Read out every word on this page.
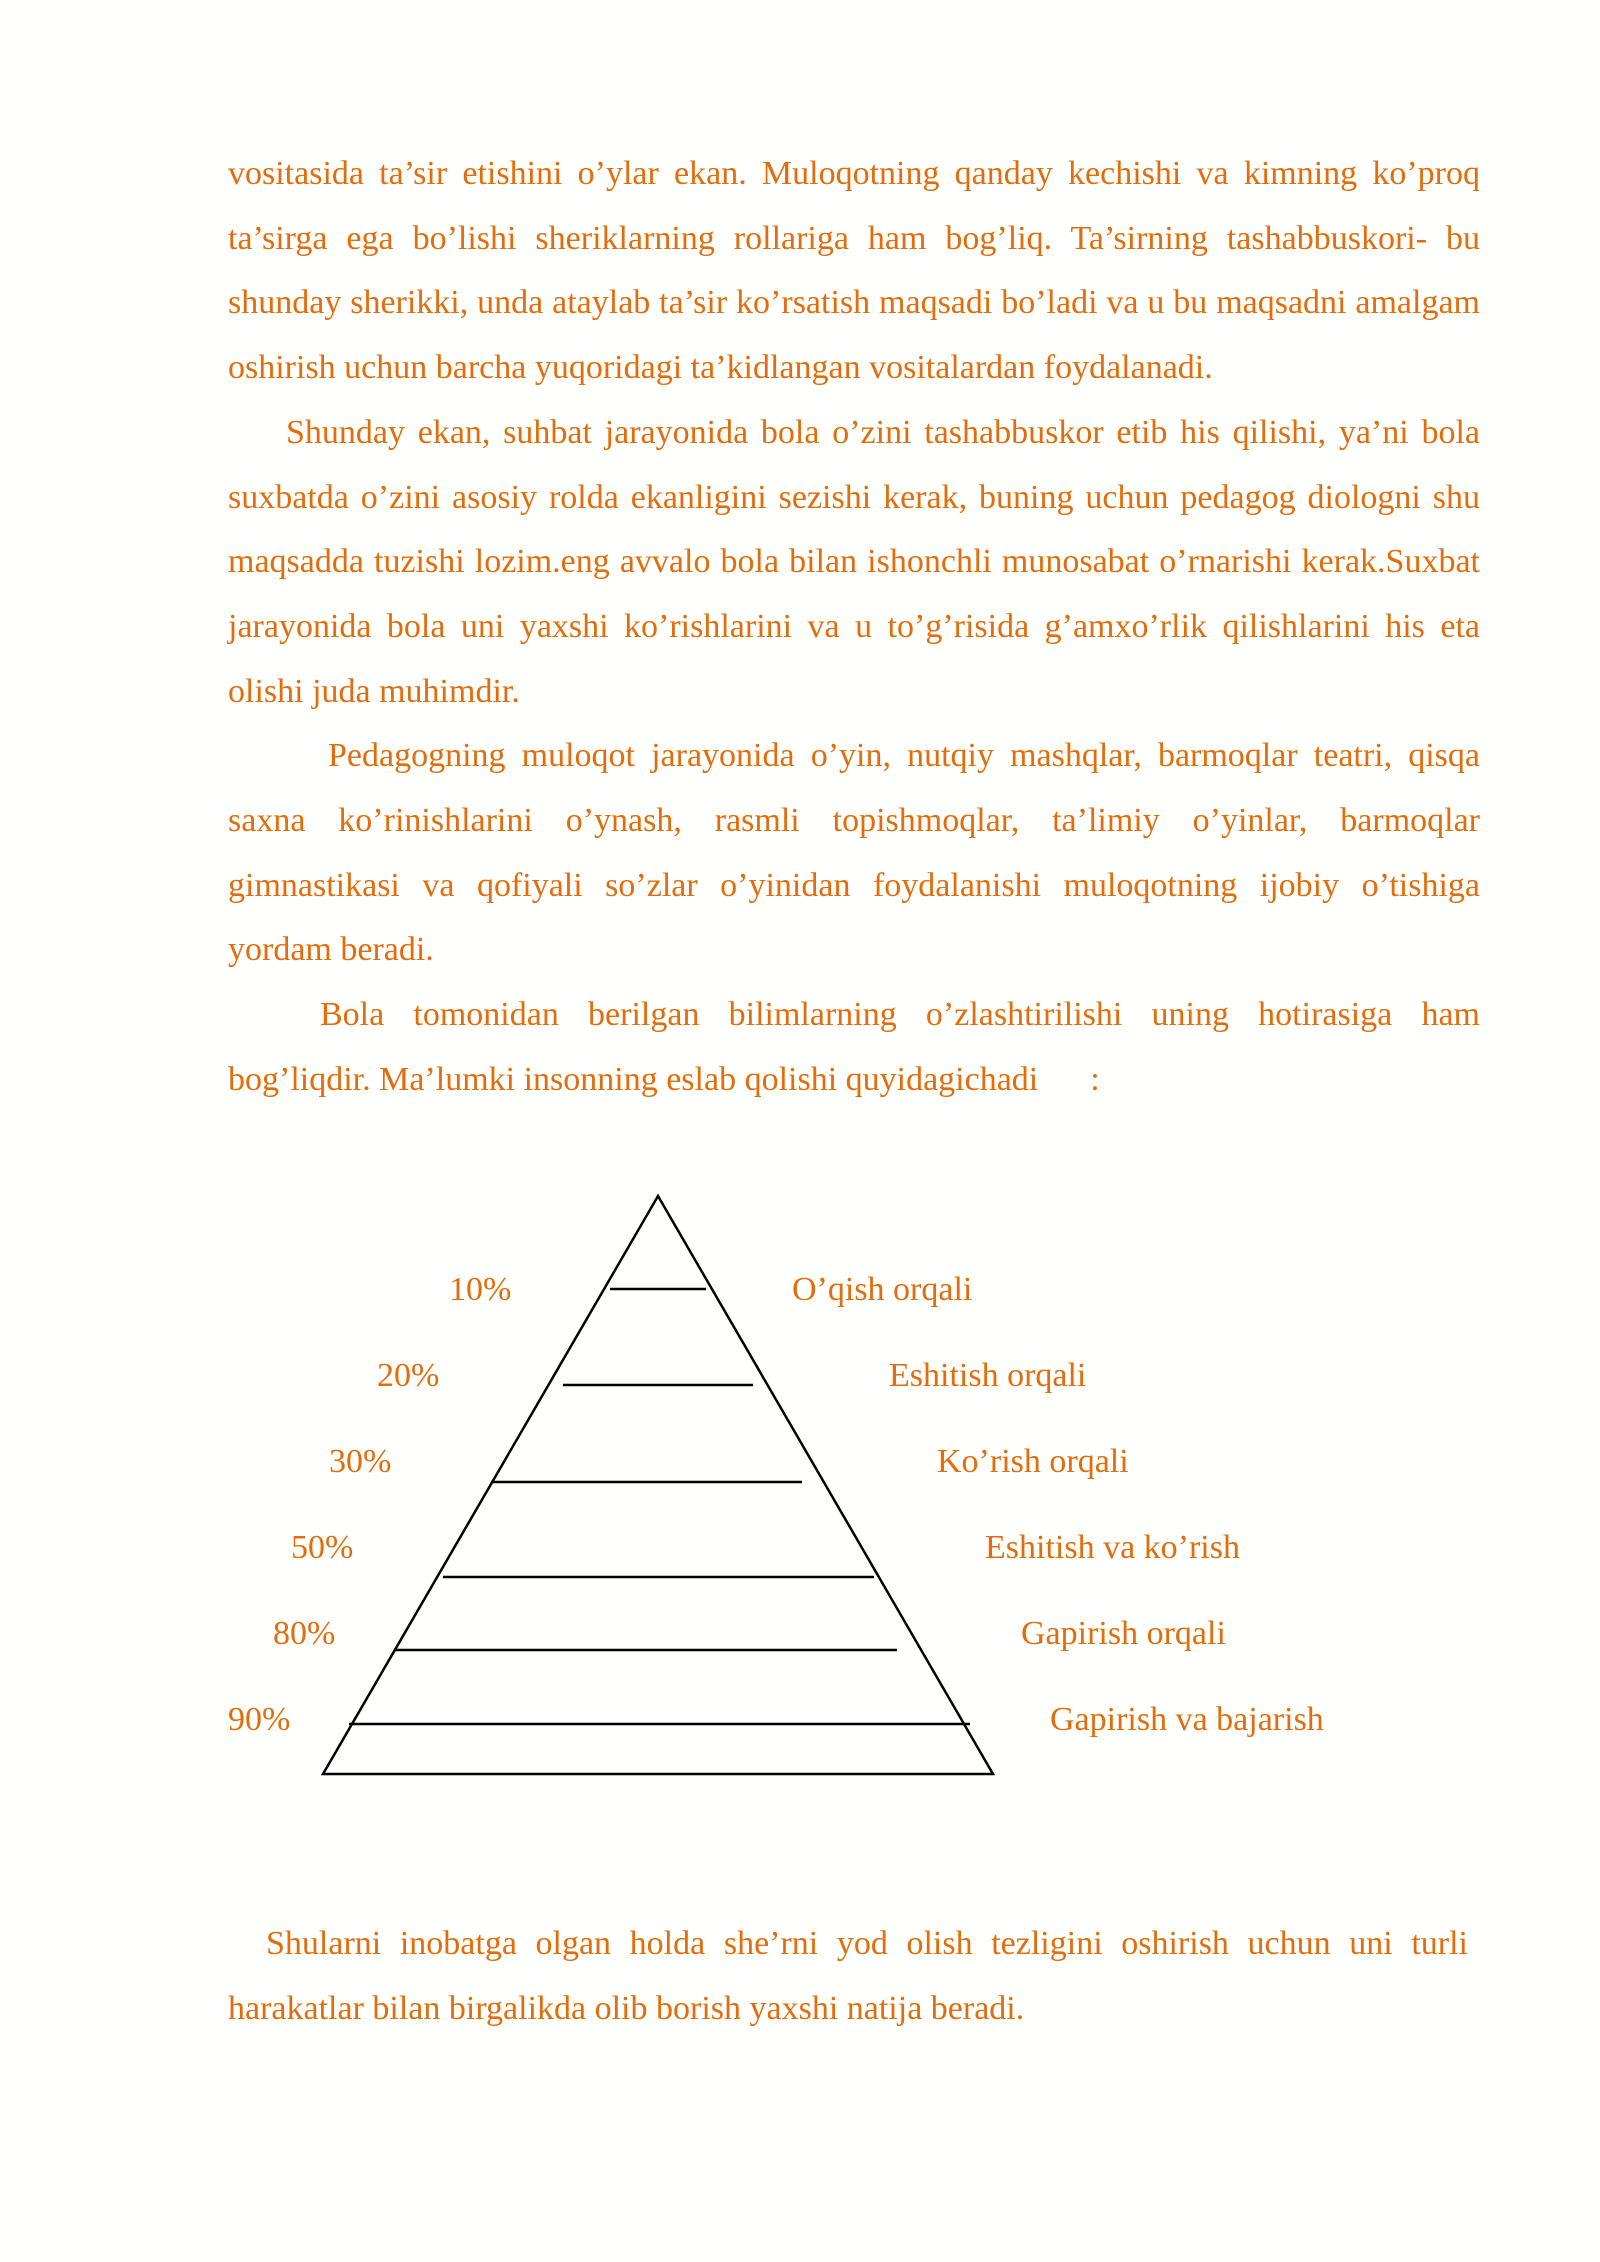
vositasida ta’sir etishini o’ylar ekan. Muloqotning qanday kechishi va kimning ko’proq ta’sirga ega bo’lishi sheriklarning rollariga ham bog’liq. Ta’sirning tashabbuskori- bu shunday sherikki, unda ataylab ta’sir ko’rsatish maqsadi bo’ladi va u bu maqsadni amalgam oshirish uchun barcha yuqoridagi ta’kidlangan vositalardan foydalanadi.

Shunday ekan, suhbat jarayonida bola o’zini tashabbuskor etib his qilishi, ya’ni bola suxbatda o’zini asosiy rolda ekanligini sezishi kerak, buning uchun pedagog diologni shu maqsadda tuzishi lozim.eng avvalo bola bilan ishonchli munosabat o’rnarishi kerak.Suxbat jarayonida bola uni yaxshi ko’rishlarini va u to’g’risida g’amxo’rlik qilishlarini his eta olishi juda muhimdir.

Pedagogning muloqot jarayonida o’yin, nutqiy mashqlar, barmoqlar teatri, qisqa saxna ko’rinishlarini o’ynash, rasmli topishmoqlar, ta’limiy o’yinlar, barmoqlar gimnastikasi va qofiyali so’zlar o’yinidan foydalanishi muloqotning ijobiy o’tishiga yordam beradi.

Bola tomonidan berilgan bilimlarning o’zlashtirilishi uning hotirasiga ham bog’liqdir. Ma’lumki insonning eslab qolishi quyidagichadi :

10%
20%
30%
50%
80%
90%
O’qish orqali
Eshitish orqali
Ko’rish orqali
Eshitish va ko’rish
Gapirish orqali
Gapirish va bajarish

Shularni inobatga olgan holda she’rni yod olish tezligini oshirish uchun uni turli harakatlar bilan birgalikda olib borish yaxshi natija beradi.
